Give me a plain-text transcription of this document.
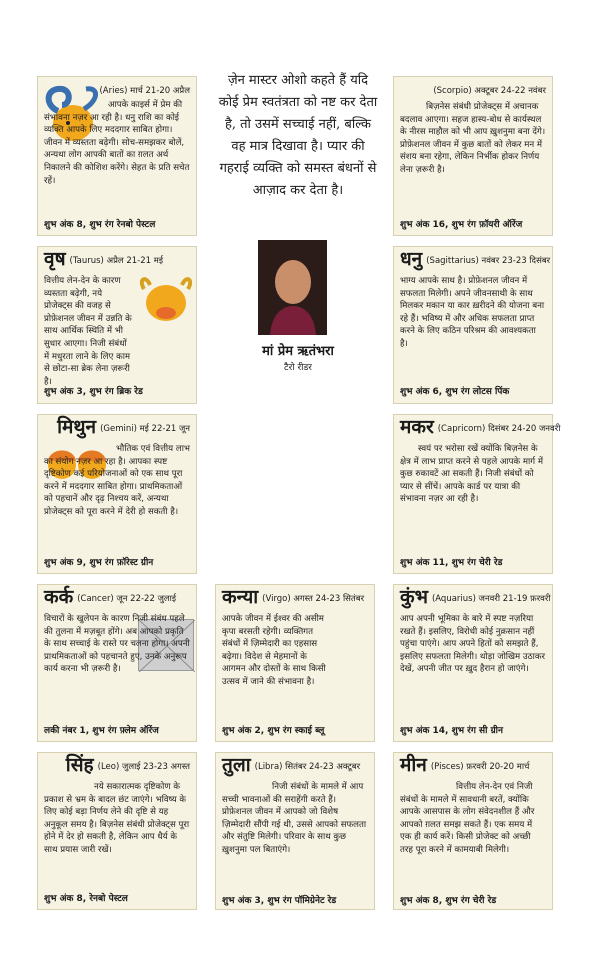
(Aries) मार्च 21-20 अप्रैल
आपके काइर्स में प्रेम की संभावना नज़र आ रही है। धनु राशि का कोई व्यक्ति आपके लिए मददगार साबित होगा। जीवन में व्यस्तता बढ़ेगी। सोच-समझकर बोलें, अन्यथा लोग आपकी बातों का ग़लत अर्थ निकालने की कोशिश करेंगे। सेहत के प्रति सचेत रहें।
शुभ अंक 8, शुभ रंग रेनबो पेस्टल
ज़ेन मास्टर ओशो कहते हैं यदि कोई प्रेम स्वतंत्रता को नष्ट कर देता है, तो उसमें सच्चाई नहीं, बल्कि वह मात्र दिखावा है। प्यार की गहराई व्यक्ति को समस्त बंधनों से आज़ाद कर देता है।
(Scorpio) अक्टूबर 24-22 नवंबर
बिज़नेस संबंधी प्रोजेक्ट्स में अचानक बदलाव आएगा। सहज हास्य-बोध से कार्यस्थल के नीरस माहौल को भी आप ख़ुशनुमा बना देंगे। प्रोफ़ेशनल जीवन में कुछ बातों को लेकर मन में संशय बना रहेगा, लेकिन निर्भीक होकर निर्णय लेना ज़रूरी है।
शुभ अंक 16, शुभ रंग फ़ॉयरी ऑरेंज
वृष (Taurus) अप्रैल 21-21 मई
वित्तीय लेन-देन के कारण व्यस्तता बढ़ेगी, नये प्रोजेक्ट्स की वजह से प्रोफ़ेशनल जीवन में उन्नति के साथ आर्थिक स्थिति में भी सुधार आएगा। निजी संबंधों में मधुरता लाने के लिए काम से छोटा-सा ब्रेक लेना ज़रूरी है।
शुभ अंक 3, शुभ रंग ब्रिक रेड
मां प्रेम ऋतंभरा
टैरो रीडर
धनु (Sagittarius) नवंबर 23-23 दिसंबर
भाग्य आपके साथ है। प्रोफ़ेशनल जीवन में सफलता मिलेगी। अपने जीवनसाथी के साथ मिलकर मकान या कार ख़रीदने की योजना बना रहे हैं। भविष्य में और अधिक सफलता प्राप्त करने के लिए कठिन परिश्रम की आवश्यकता है।
शुभ अंक 6, शुभ रंग लोटस पिंक
मिथुन (Gemini) मई 22-21 जून
भौतिक एवं वित्तीय लाभ का संयोग नज़र आ रहा है। आपका स्पष्ट दृष्टिकोण कई परियोजनाओं को एक साथ पूरा करने में मददगार साबित होगा। प्राथमिकताओं को पहचानें और दृढ़ निश्चय करें, अन्यथा प्रोजेक्ट्स को पूरा करने में देरी हो सकती है।
शुभ अंक 9, शुभ रंग फ़ॉरेस्ट ग्रीन
मकर (Capricorn) दिसंबर 24-20 जनवरी
स्वयं पर भरोसा रखें क्योंकि बिज़नेस के क्षेत्र में लाभ प्राप्त करने से पहले आपके मार्ग में कुछ रुकावटें आ सकती हैं। निजी संबंधों को प्यार से सींचें। आपके कार्ड पर यात्रा की संभावना नज़र आ रही है।
शुभ अंक 11, शुभ रंग चेरी रेड
कर्क (Cancer) जून 22-22 जुलाई
विचारों के खुलेपन के कारण निजी संबंध पहले की तुलना में मज़बूत होंगे। अब आपको प्रकृति के साथ सच्चाई के रास्ते पर चलना होगा। अपनी प्राथमिकताओं को पहचानते हुए, उनके अनुरूप कार्य करना भी ज़रूरी है।
लकी नंबर 1, शुभ रंग फ़्लेम ऑरेंज
कन्या (Virgo) अगस्त 24-23 सितंबर
आपके जीवन में ईश्वर की असीम कृपा बरसती रहेगी। व्यक्तिगत संबंधों में ज़िम्मेदारी का एहसास बढ़ेगा। विदेश से मेहमानों के आगमन और दोस्तों के साथ किसी उत्सव में जाने की संभावना है।
शुभ अंक 2, शुभ रंग स्काई ब्लू
कुंभ (Aquarius) जनवरी 21-19 फ़रवरी
आप अपनी भूमिका के बारे में स्पष्ट नज़रिया रखते हैं। इसलिए, विरोधी कोई नुक़सान नहीं पहुंचा पाएंगे। आप अपने हितों को समझते हैं, इसलिए सफलता मिलेगी। थोड़ा जोखिम उठाकर देखें, अपनी जीत पर ख़ुद हैरान हो जाएंगे।
शुभ अंक 14, शुभ रंग सी ग्रीन
सिंह (Leo) जुलाई 23-23 अगस्त
नये सकारात्मक दृष्टिकोण के प्रकाश से भ्रम के बादल छंट जाएंगे। भविष्य के लिए कोई बड़ा निर्णय लेने की दृष्टि से यह अनुकूल समय है। बिज़नेस संबंधी प्रोजेक्ट्स पूरा होने में देर हो सकती है, लेकिन आप धैर्य के साथ प्रयास जारी रखें।
शुभ अंक 8, रेनबो पेस्टल
तुला (Libra) सितंबर 24-23 अक्टूबर
निजी संबंधों के मामले में आप सच्ची भावनाओं की सराहेंगी करते हैं। प्रोफ़ेशनल जीवन में आपको जो विशेष ज़िम्मेदारी सौंपी गई थी, उससे आपको सफलता और संतुष्टि मिलेगी। परिवार के साथ कुछ ख़ुशनुमा पल बिताएंगे।
शुभ अंक 3, शुभ रंग पॉमिग्रेनेट रेड
मीन (Pisces) फ़रवरी 20-20 मार्च
वित्तीय लेन-देन एवं निजी संबंधों के मामले में सावधानी बरतें, क्योंकि आपके आसपास के लोग संवेदनशील हैं और आपको ग़लत समझ सकते हैं। एक समय में एक ही कार्य करें। किसी प्रोजेक्ट को अच्छी तरह पूरा करने में कामयाबी मिलेगी।
शुभ अंक 8, शुभ रंग चेरी रेड
